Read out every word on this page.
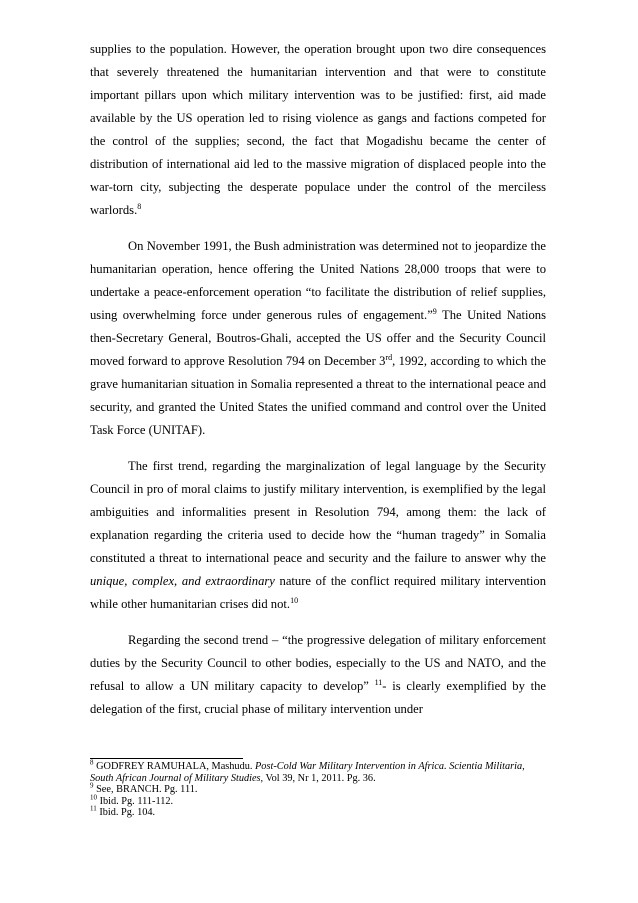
supplies to the population. However, the operation brought upon two dire consequences that severely threatened the humanitarian intervention and that were to constitute important pillars upon which military intervention was to be justified: first, aid made available by the US operation led to rising violence as gangs and factions competed for the control of the supplies; second, the fact that Mogadishu became the center of distribution of international aid led to the massive migration of displaced people into the war-torn city, subjecting the desperate populace under the control of the merciless warlords.$^8$

On November 1991, the Bush administration was determined not to jeopardize the humanitarian operation, hence offering the United Nations 28,000 troops that were to undertake a peace-enforcement operation “to facilitate the distribution of relief supplies, using overwhelming force under generous rules of engagement.”$^9$ The United Nations then-Secretary General, Boutros-Ghali, accepted the US offer and the Security Council moved forward to approve Resolution 794 on December 3rd, 1992, according to which the grave humanitarian situation in Somalia represented a threat to the international peace and security, and granted the United States the unified command and control over the United Task Force (UNITAF).

The first trend, regarding the marginalization of legal language by the Security Council in pro of moral claims to justify military intervention, is exemplified by the legal ambiguities and informalities present in Resolution 794, among them: the lack of explanation regarding the criteria used to decide how the “human tragedy” in Somalia constituted a threat to international peace and security and the failure to answer why the unique, complex, and extraordinary nature of the conflict required military intervention while other humanitarian crises did not.$^{10}$

Regarding the second trend – “the progressive delegation of military enforcement duties by the Security Council to other bodies, especially to the US and NATO, and the refusal to allow a UN military capacity to develop” $^{11}$- is clearly exemplified by the delegation of the first, crucial phase of military intervention under

$^8$ GODFREY RAMUHALA, Mashudu. Post-Cold War Military Intervention in Africa. Scientia Militaria, South African Journal of Military Studies, Vol 39, Nr 1, 2011. Pg. 36.
$^9$ See, BRANCH. Pg. 111.
$^{10}$ Ibid. Pg. 111-112.
$^{11}$ Ibid. Pg. 104.
